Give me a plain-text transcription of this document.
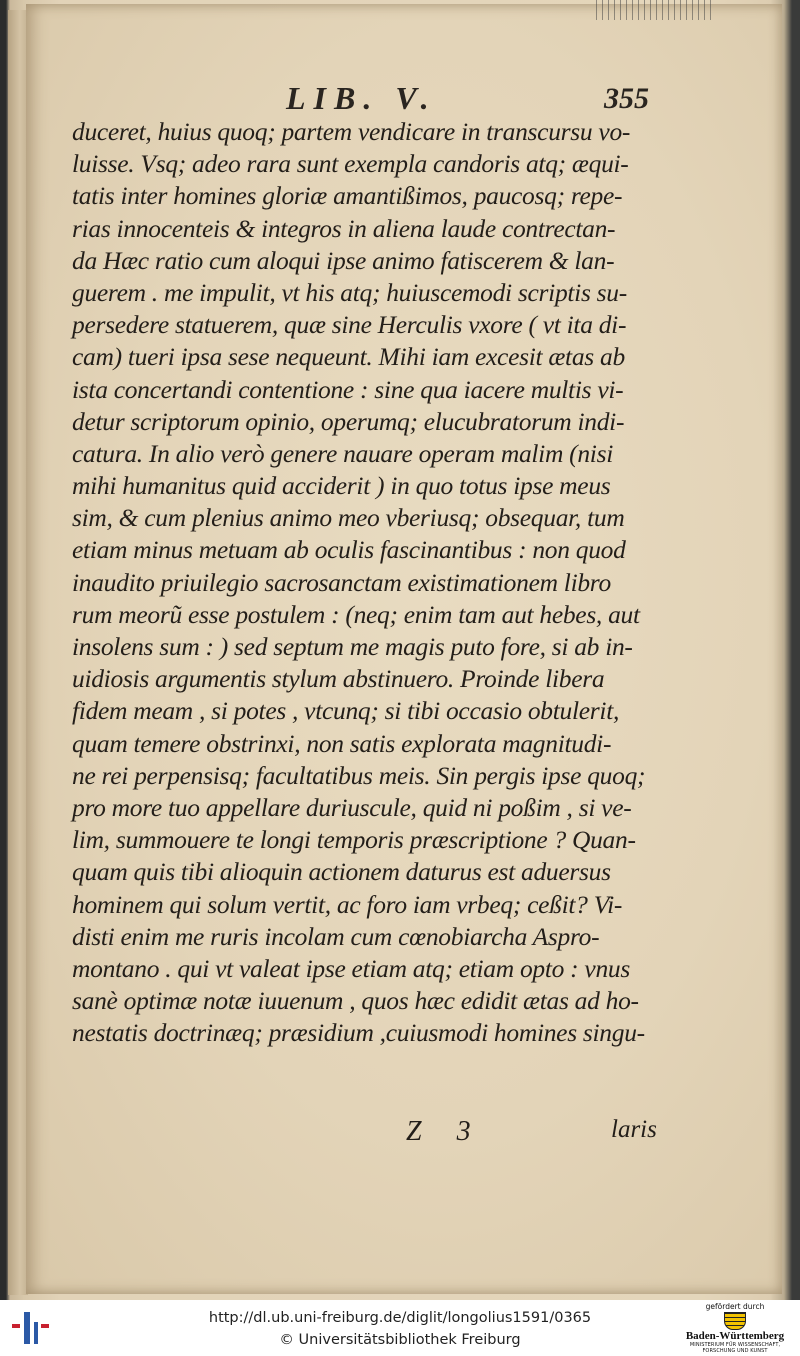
LIB. V.	355
duceret, huius quoq; partem vendicare in transcursu vo-
luisse. Vsq; adeo rara sunt exempla candoris atq; æqui-
tatis inter homines gloriæ amantißimos, paucosq; repe-
rias innocenteis & integros in aliena laude contrectan-
da Hæc ratio cum aloqui ipse animo fatiscerem & lan-
guerem . me impulit, vt his atq; huiuscemodi scriptis su-
persedere statuerem, quæ sine Herculis vxore ( vt ita di-
cam) tueri ipsa sese nequeunt. Mihi iam excesit ætas ab
ista concertandi contentione : sine qua iacere multis vi-
detur scriptorum opinio, operumq; elucubratorum indi-
catura. In alio verò genere nauare operam malim (nisi
mihi humanitus quid acciderit ) in quo totus ipse meus
sim, & cum plenius animo meo vberiusq; obsequar, tum
etiam minus metuam ab oculis fascinantibus : non quod
inaudito priuilegio sacrosanctam existimationem libro
rum meorũ esse postulem : (neq; enim tam aut hebes, aut
insolens sum : ) sed septum me magis puto fore, si ab in-
uidiosis argumentis stylum abstinuero. Proinde libera
fidem meam , si potes , vtcunq; si tibi occasio obtulerit,
quam temere obstrinxi, non satis explorata magnitudi-
ne rei perpensisq; facultatibus meis. Sin pergis ipse quoq;
pro more tuo appellare duriuscule, quid ni poßim , si ve-
lim, summouere te longi temporis præscriptione ? Quan-
quam quis tibi alioquin actionem daturus est aduersus
hominem qui solum vertit, ac foro iam vrbeq; ceßit? Vi-
disti enim me ruris incolam cum cœnobiarcha Aspro-
montano . qui vt valeat ipse etiam atq; etiam opto : vnus
sanè optimæ notæ iuuenum , quos hæc edidit ætas ad ho-
nestatis doctrinæq; præsidium ,cuiusmodi homines singu-
Z 3	laris
http://dl.ub.uni-freiburg.de/diglit/longolius1591/0365
© Universitätsbibliothek Freiburg
gefördert durch
Baden-Württemberg
MINISTERIUM FÜR WISSENSCHAFT, FORSCHUNG UND KUNST
